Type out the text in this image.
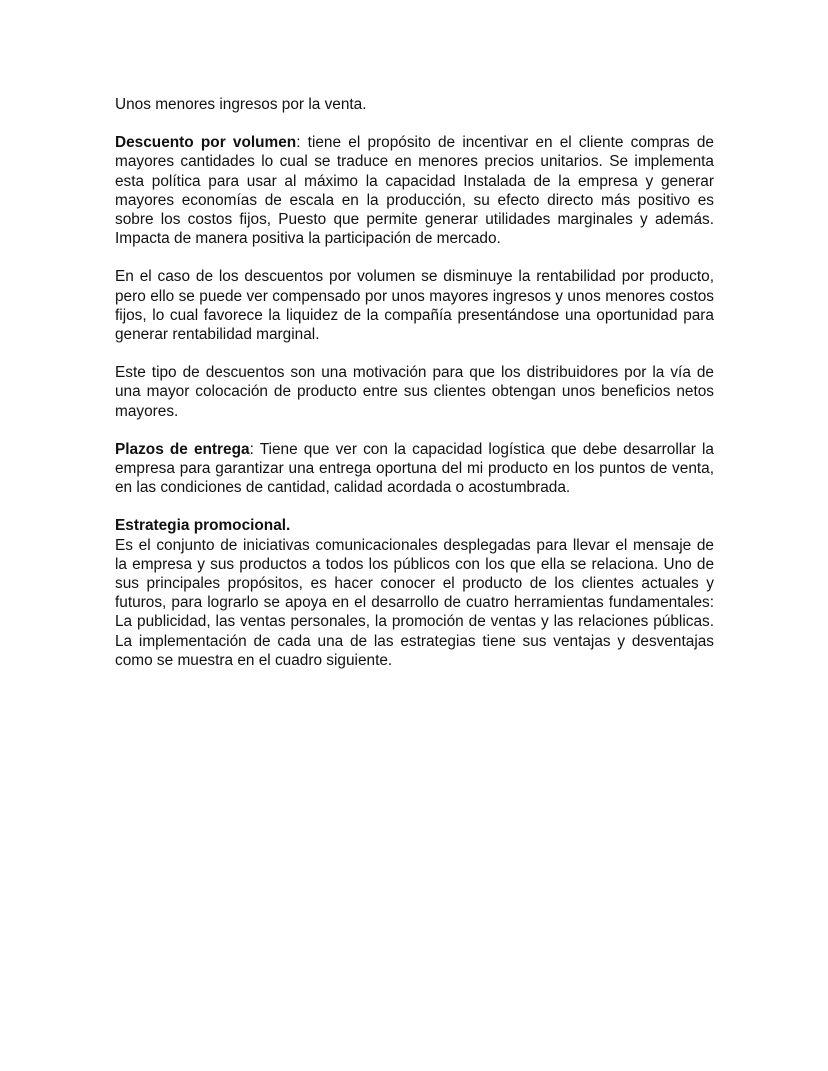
Unos menores ingresos por la venta.

Descuento por volumen: tiene el propósito de incentivar en el cliente compras de mayores cantidades lo cual se traduce en menores precios unitarios. Se implementa esta política para usar al máximo la capacidad Instalada de la empresa y generar mayores economías de escala en la producción, su efecto directo más positivo es sobre los costos fijos, Puesto que permite generar utilidades marginales y además. Impacta de manera positiva la participación de mercado.

En el caso de los descuentos por volumen se disminuye la rentabilidad por producto, pero ello se puede ver compensado por unos mayores ingresos y unos menores costos fijos, lo cual favorece la liquidez de la compañía presentándose una oportunidad para generar rentabilidad marginal.

Este tipo de descuentos son una motivación para que los distribuidores por la vía de una mayor colocación de producto entre sus clientes obtengan unos beneficios netos mayores.

Plazos de entrega: Tiene que ver con la capacidad logística que debe desarrollar la empresa para garantizar una entrega oportuna del mi producto en los puntos de venta, en las condiciones de cantidad, calidad acordada o acostumbrada.

Estrategia promocional.

Es el conjunto de iniciativas comunicacionales desplegadas para llevar el mensaje de la empresa y sus productos a todos los públicos con los que ella se relaciona. Uno de sus principales propósitos, es hacer conocer el producto de los clientes actuales y futuros, para lograrlo se apoya en el desarrollo de cuatro herramientas fundamentales: La publicidad, las ventas personales, la promoción de ventas y las relaciones públicas. La implementación de cada una de las estrategias tiene sus ventajas y desventajas como se muestra en el cuadro siguiente.
